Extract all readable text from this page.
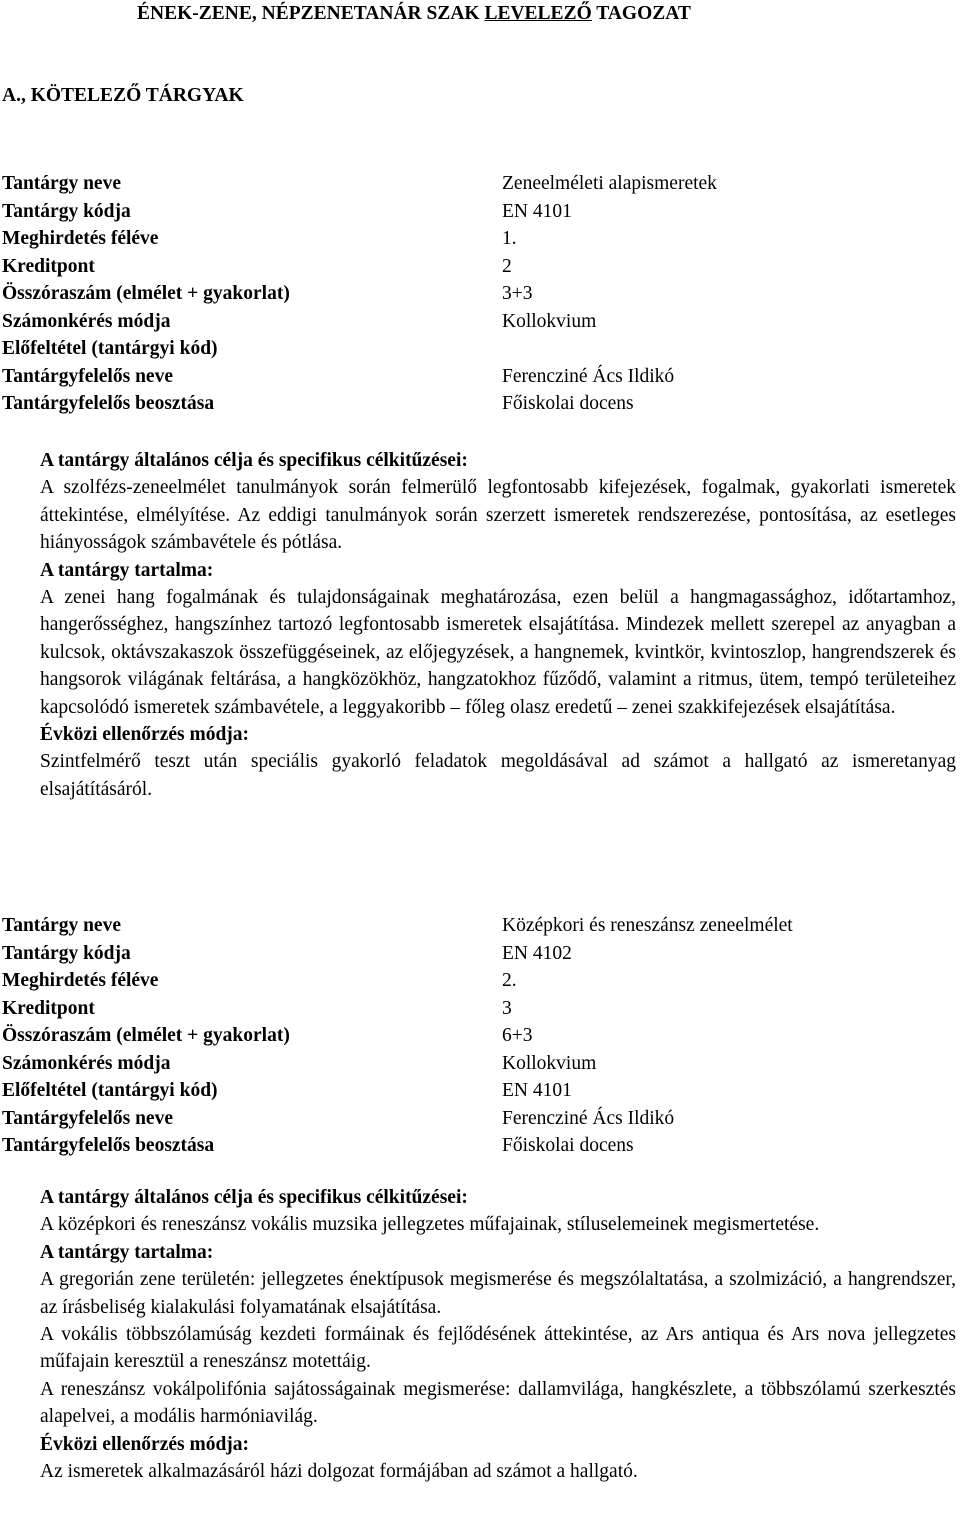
ÉNEK-ZENE, NÉPZENETANÁR SZAK LEVELEZŐ TAGOZAT
A., KÖTELEZŐ TÁRGYAK
Tantárgy neve	Zeneelméleti alapismeretek
Tantárgy kódja	EN 4101
Meghirdetés féléve	1.
Kreditpont	2
Összóraszám (elmélet + gyakorlat)	3+3
Számonkérés módja	Kollokvium
Előfeltétel (tantárgyi kód)
Tantárgyfelelős neve	Ferencziné Ács Ildikó
Tantárgyfelelős beosztása	Főiskolai docens

A tantárgy általános célja és specifikus célkitűzései:

A szolfézs-zeneelmélet tanulmányok során felmerülő legfontosabb kifejezések, fogalmak, gyakorlati ismeretek áttekintése, elmélyítése. Az eddigi tanulmányok során szerzett ismeretek rendszerezése, pontosítása, az esetleges hiányosságok számbavétele és pótlása.

A tantárgy tartalma:

A zenei hang fogalmának és tulajdonságainak meghatározása, ezen belül a hangmagassághoz, időtartamhoz, hangerősséghez, hangszínhez tartozó legfontosabb ismeretek elsajátítása. Mindezek mellett szerepel az anyagban a kulcsok, oktávszakaszok összefüggéseinek, az előjegyzések, a hangnemek, kvintkör, kvintoszlop, hangrendszerek és hangsorok világának feltárása, a hangközökhöz, hangzatokhoz fűződő, valamint a ritmus, ütem, tempó területeihez kapcsolódó ismeretek számbavétele, a leggyakoribb – főleg olasz eredetű – zenei szakkifejezések elsajátítása.

Évközi ellenőrzés módja:

Szintfelmérő teszt után speciális gyakorló feladatok megoldásával ad számot a hallgató az ismeretanyag elsajátításáról.

Tantárgy neve	Középkori és reneszánsz zeneelmélet
Tantárgy kódja	EN 4102
Meghirdetés féléve	2.
Kreditpont	3
Összóraszám (elmélet + gyakorlat)	6+3
Számonkérés módja	Kollokvium
Előfeltétel (tantárgyi kód)	EN 4101
Tantárgyfelelős neve	Ferencziné Ács Ildikó
Tantárgyfelelős beosztása	Főiskolai docens

A tantárgy általános célja és specifikus célkitűzései:

A középkori és reneszánsz vokális muzsika jellegzetes műfajainak, stíluselemeinek megismertetése.

A tantárgy tartalma:

A gregorián zene területén: jellegzetes énektípusok megismerése és megszólaltatása, a szolmizáció, a hangrendszer, az írásbeliség kialakulási folyamatának elsajátítása.

A vokális többszólamúság kezdeti formáinak és fejlődésének áttekintése, az Ars antiqua és Ars nova jellegzetes műfajain keresztül a reneszánsz motettáig.

A reneszánsz vokálpolifónia sajátosságainak megismerése: dallamvilága, hangkészlete, a többszólamú szerkesztés alapelvei, a modális harmóniavilág.

Évközi ellenőrzés módja:

Az ismeretek alkalmazásáról házi dolgozat formájában ad számot a hallgató.
